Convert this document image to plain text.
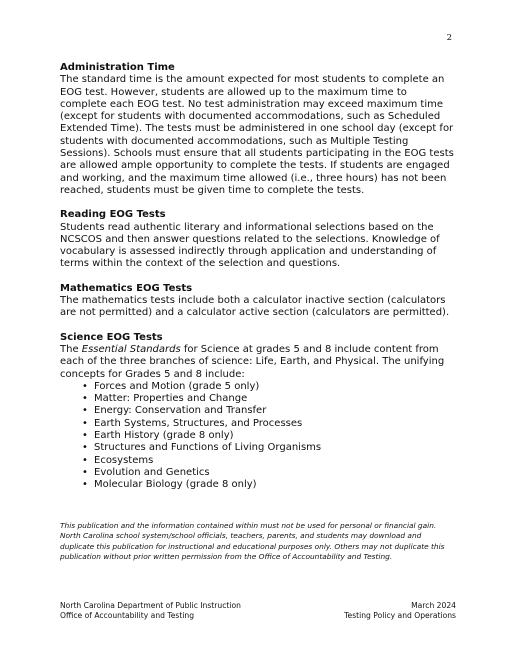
2

Administration Time

The standard time is the amount expected for most students to complete an EOG test. However, students are allowed up to the maximum time to complete each EOG test. No test administration may exceed maximum time (except for students with documented accommodations, such as Scheduled Extended Time). The tests must be administered in one school day (except for students with documented accommodations, such as Multiple Testing Sessions). Schools must ensure that all students participating in the EOG tests are allowed ample opportunity to complete the tests. If students are engaged and working, and the maximum time allowed (i.e., three hours) has not been reached, students must be given time to complete the tests.

Reading EOG Tests

Students read authentic literary and informational selections based on the NCSCOS and then answer questions related to the selections. Knowledge of vocabulary is assessed indirectly through application and understanding of terms within the context of the selection and questions.

Mathematics EOG Tests

The mathematics tests include both a calculator inactive section (calculators are not permitted) and a calculator active section (calculators are permitted).

Science EOG Tests

The Essential Standards for Science at grades 5 and 8 include content from each of the three branches of science: Life, Earth, and Physical. The unifying concepts for Grades 5 and 8 include:

• Forces and Motion (grade 5 only)
• Matter: Properties and Change
• Energy: Conservation and Transfer
• Earth Systems, Structures, and Processes
• Earth History (grade 8 only)
• Structures and Functions of Living Organisms
• Ecosystems
• Evolution and Genetics
• Molecular Biology (grade 8 only)
This publication and the information contained within must not be used for personal or financial gain. North Carolina school system/school officials, teachers, parents, and students may download and duplicate this publication for instructional and educational purposes only. Others may not duplicate this publication without prior written permission from the Office of Accountability and Testing.
North Carolina Department of Public Instruction
Office of Accountability and Testing
March 2024
Testing Policy and Operations
